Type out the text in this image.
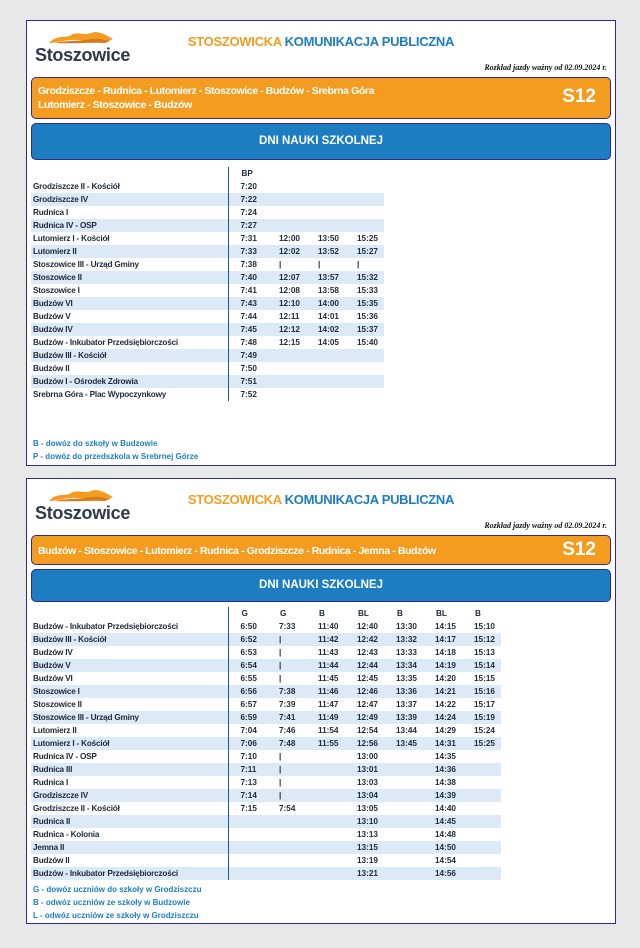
Stoszowice
STOSZOWICKA KOMUNIKACJA PUBLICZNA
Rozkład jazdy ważny od 02.09.2024 r.
Grodziszcze - Rudnica - Lutomierz - Stoszowice - Budzów - Srebrna Góra
Lutomierz - Stoszowice - Budzów	S12
DNI NAUKI SZKOLNEJ
	BP			
Grodziszcze II - Kościół	7:20			
Grodziszcze IV	7:22			
Rudnica I	7:24			
Rudnica IV - OSP	7:27			
Lutomierz I - Kościół	7:31	12:00	13:50	15:25
Lutomierz II	7:33	12:02	13:52	15:27
Stoszowice III - Urząd Gminy	7:38	|	|	|
Stoszowice II	7:40	12:07	13:57	15:32
Stoszowice I	7:41	12:08	13:58	15:33
Budzów VI	7:43	12:10	14:00	15:35
Budzów V	7:44	12:11	14:01	15:36
Budzów IV	7:45	12:12	14:02	15:37
Budzów - Inkubator Przedsiębiorczości	7:48	12:15	14:05	15:40
Budzów III - Kościół	7:49			
Budzów II	7:50			
Budzów I - Ośrodek Zdrowia	7:51			
Srebrna Góra - Plac Wypoczynkowy	7:52			
B - dowóz do szkoły w Budzowie
P - dowóz do przedszkola w Srebrnej Górze
Stoszowice
STOSZOWICKA KOMUNIKACJA PUBLICZNA
Rozkład jazdy ważny od 02.09.2024 r.
Budzów - Stoszowice - Lutomierz - Rudnica - Grodziszcze - Rudnica - Jemna - Budzów	S12
DNI NAUKI SZKOLNEJ
	G	G	B	BL	B	BL	B
Budzów - Inkubator Przedsiębiorczości	6:50	7:33	11:40	12:40	13:30	14:15	15:10
Budzów III - Kościół	6:52	|	11:42	12:42	13:32	14:17	15:12
Budzów IV	6:53	|	11:43	12:43	13:33	14:18	15:13
Budzów V	6:54	|	11:44	12:44	13:34	14:19	15:14
Budzów VI	6:55	|	11:45	12:45	13:35	14:20	15:15
Stoszowice I	6:56	7:38	11:46	12:46	13:36	14:21	15:16
Stoszowice II	6:57	7:39	11:47	12:47	13:37	14:22	15:17
Stoszowice III - Urząd Gminy	6:59	7:41	11:49	12:49	13:39	14:24	15:19
Lutomierz II	7:04	7:46	11:54	12:54	13:44	14:29	15:24
Lutomierz I - Kościół	7:06	7:48	11:55	12:56	13:45	14:31	15:25
Rudnica IV - OSP	7:10	|		13:00		14:35	
Rudnica III	7:11	|		13:01		14:36	
Rudnica I	7:13	|		13:03		14:38	
Grodziszcze IV	7:14	|		13:04		14:39	
Grodziszcze II - Kościół	7:15	7:54		13:05		14:40	
Rudnica II				13:10		14:45	
Rudnica - Kolonia				13:13		14:48	
Jemna II				13:15		14:50	
Budzów II				13:19		14:54	
Budzów - Inkubator Przedsiębiorczości				13:21		14:56	
G - dowóz uczniów do szkoły w Grodziszczu
B - odwóz uczniów ze szkoły w Budzowie
L - odwóz uczniów ze szkoły w Grodziszczu
